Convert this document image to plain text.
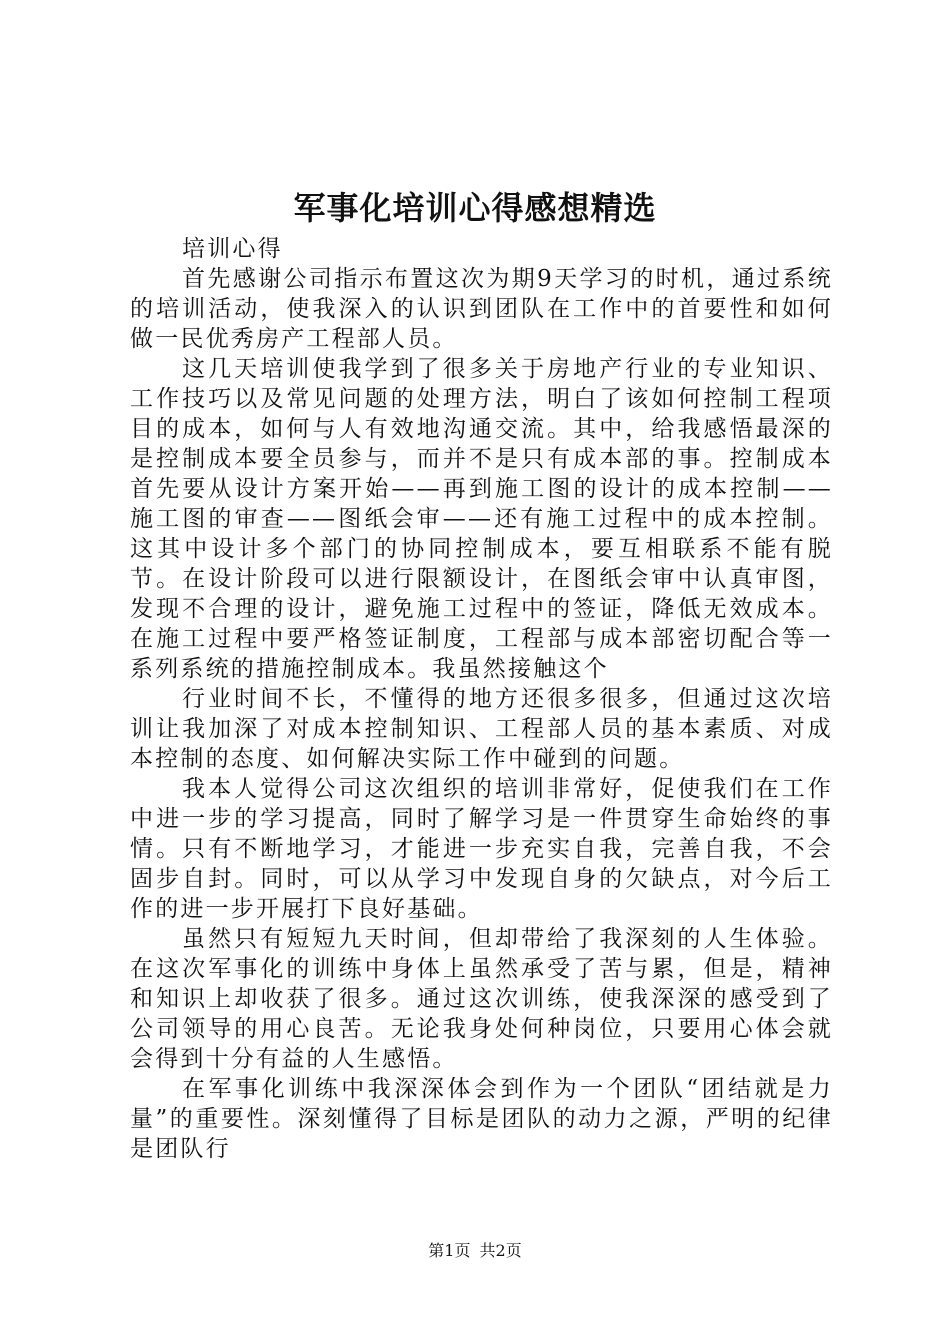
军事化培训心得感想精选

培训心得

首先感谢公司指示布置这次为期9天学习的时机，通过系统的培训活动，使我深入的认识到团队在工作中的首要性和如何做一民优秀房产工程部人员。

这几天培训使我学到了很多关于房地产行业的专业知识、工作技巧以及常见问题的处理方法，明白了该如何控制工程项目的成本，如何与人有效地沟通交流。其中，给我感悟最深的是控制成本要全员参与，而并不是只有成本部的事。控制成本首先要从设计方案开始——再到施工图的设计的成本控制——施工图的审查——图纸会审——还有施工过程中的成本控制。这其中设计多个部门的协同控制成本，要互相联系不能有脱节。在设计阶段可以进行限额设计，在图纸会审中认真审图，发现不合理的设计，避免施工过程中的签证，降低无效成本。在施工过程中要严格签证制度，工程部与成本部密切配合等一系列系统的措施控制成本。我虽然接触这个

行业时间不长，不懂得的地方还很多很多，但通过这次培训让我加深了对成本控制知识、工程部人员的基本素质、对成本控制的态度、如何解决实际工作中碰到的问题。

我本人觉得公司这次组织的培训非常好，促使我们在工作中进一步的学习提高，同时了解学习是一件贯穿生命始终的事情。只有不断地学习，才能进一步充实自我，完善自我，不会固步自封。同时，可以从学习中发现自身的欠缺点，对今后工作的进一步开展打下良好基础。

虽然只有短短九天时间，但却带给了我深刻的人生体验。在这次军事化的训练中身体上虽然承受了苦与累，但是，精神和知识上却收获了很多。通过这次训练，使我深深的感受到了公司领导的用心良苦。无论我身处何种岗位，只要用心体会就会得到十分有益的人生感悟。

在军事化训练中我深深体会到作为一个团队“团结就是力量”的重要性。深刻懂得了目标是团队的动力之源，严明的纪律是团队行

第1页 共2页
